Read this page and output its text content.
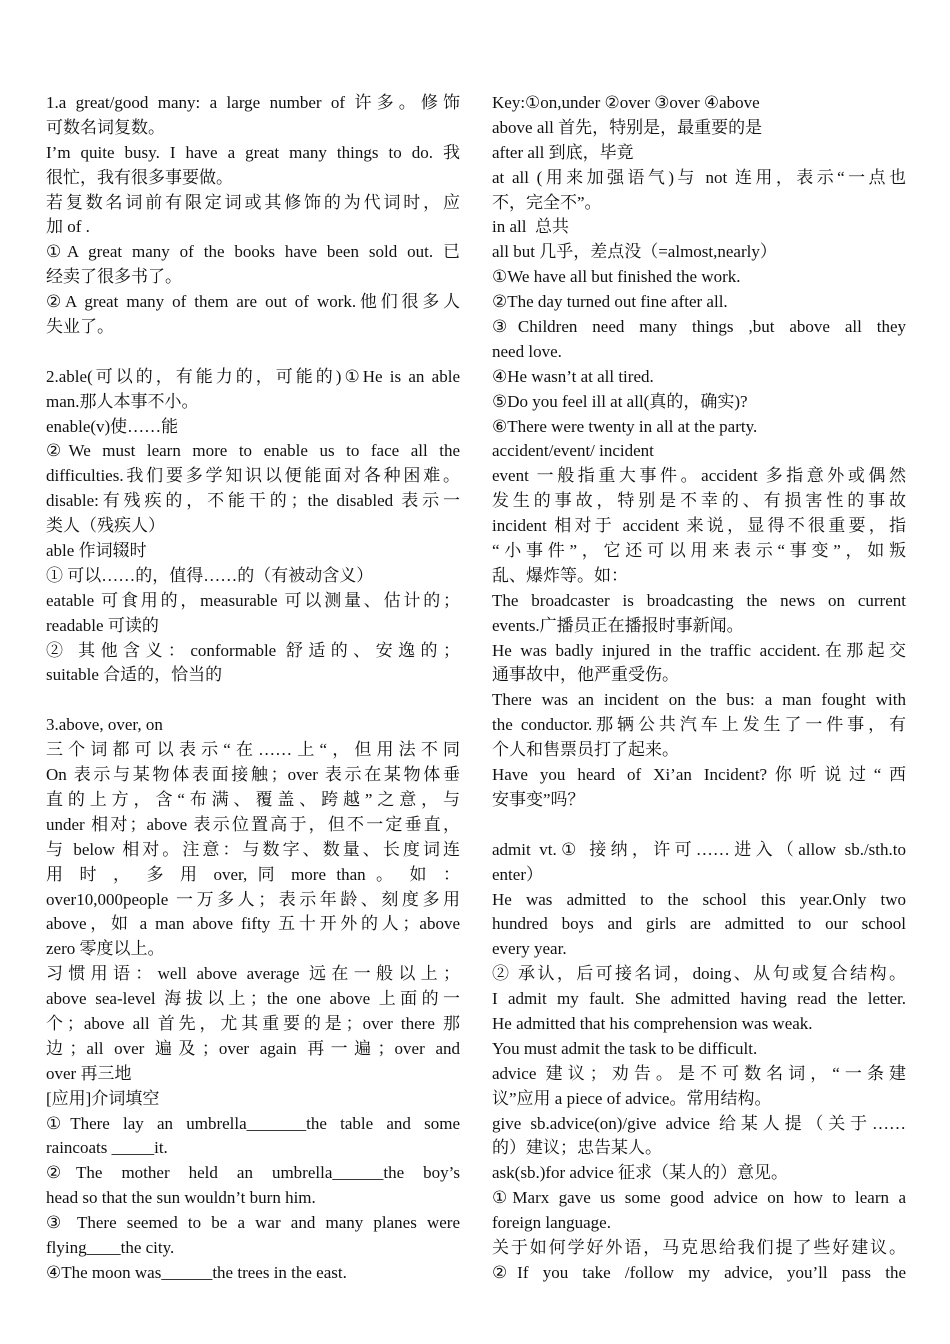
1.a great/good many: a large number of 许多。修饰
可数名词复数。
I’m quite busy. I have a great many things to do. 我
很忙，我有很多事要做。
若复数名词前有限定词或其修饰的为代词时，应
加 of .
①A great many of the books have been sold out. 已
经卖了很多书了。
②A great many of them are out of work.他们很多人
失业了。
2.able(可以的，有能力的，可能的)①He is an able
man.那人本事不小。
enable(v)使……能
②We must learn more to enable us to face all the
difficulties.我们要多学知识以便能面对各种困难。
disable:有残疾的，不能干的；the disabled 表示一
类人（残疾人）
able 作词辍时
① 可以……的，值得……的（有被动含义）
eatable 可食用的，measurable 可以测量、估计的；
readable 可读的
② 其他含义：conformable 舒适的、安逸的；
suitable 合适的，恰当的
3.above, over, on
三个词都可以表示“在……上“，但用法不同
On 表示与某物体表面接触；over 表示在某物体垂
直的上方，含“布满、覆盖、跨越”之意，与
under 相对；above 表示位置高于，但不一定垂直，
与 below 相对。注意：与数字、数量、长度词连
用 时 ， 多 用 over, 同 more than 。 如 ：
over10,000people 一万多人；表示年龄、刻度多用
above，如 a man above fifty 五十开外的人；above
zero 零度以上。
习惯用语：well above average 远在一般以上；
above sea-level 海拔以上；the one above 上面的一
个；above all 首先，尤其重要的是；over there 那
边；all over 遍及；over again 再一遍；over and
over 再三地
[应用]介词填空
①There lay an umbrella_______the table and some
raincoats _____it.
②The mother held an umbrella______the boy’s
head so that the sun wouldn’t burn him.
③ There seemed to be a war and many planes were
flying____the city.
④The moon was______the trees in the east.
Key:①on,under ②over ③over ④above
above all 首先，特别是，最重要的是
after all 到底，毕竟
at all (用来加强语气)与 not 连用，表示“一点也
不，完全不”。
in all  总共
all but 几乎，差点没（=almost,nearly）
①We have all but finished the work.
②The day turned out fine after all.
③Children need many things ,but above all they
need love.
④He wasn’t at all tired.
⑤Do you feel ill at all(真的，确实)?
⑥There were twenty in all at the party.
accident/event/ incident
event 一般指重大事件。accident 多指意外或偶然
发生的事故，特别是不幸的、有损害性的事故
incident 相对于 accident 来说，显得不很重要，指
“小事件”，它还可以用来表示“事变”，如叛
乱、爆炸等。如：
The broadcaster is broadcasting the news on current
events.广播员正在播报时事新闻。
He was badly injured in the traffic accident.在那起交
通事故中，他严重受伤。
There was an incident on the bus: a man fought with
the conductor.那辆公共汽车上发生了一件事，有
个人和售票员打了起来。
Have you heard of Xi’an Incident?你听说过“西
安事变”吗？
admit vt.① 接纳，许可……进入（allow sb./sth.to
enter）
He was admitted to the school this year.Only two
hundred boys and girls are admitted to our school
every year.
② 承认，后可接名词，doing、从句或复合结构。
I admit my fault. She admitted having read the letter.
He admitted that his comprehension was weak.
You must admit the task to be difficult.
advice 建议；劝告。是不可数名词，“一条建
议”应用 a piece of advice。常用结构。
give sb.advice(on)/give advice 给某人提（关于……
的）建议；忠告某人。
ask(sb.)for advice 征求（某人的）意见。
①Marx gave us some good advice on how to learn a
foreign language.
关于如何学好外语，马克思给我们提了些好建议。
②If you take /follow my advice, you’ll pass the
